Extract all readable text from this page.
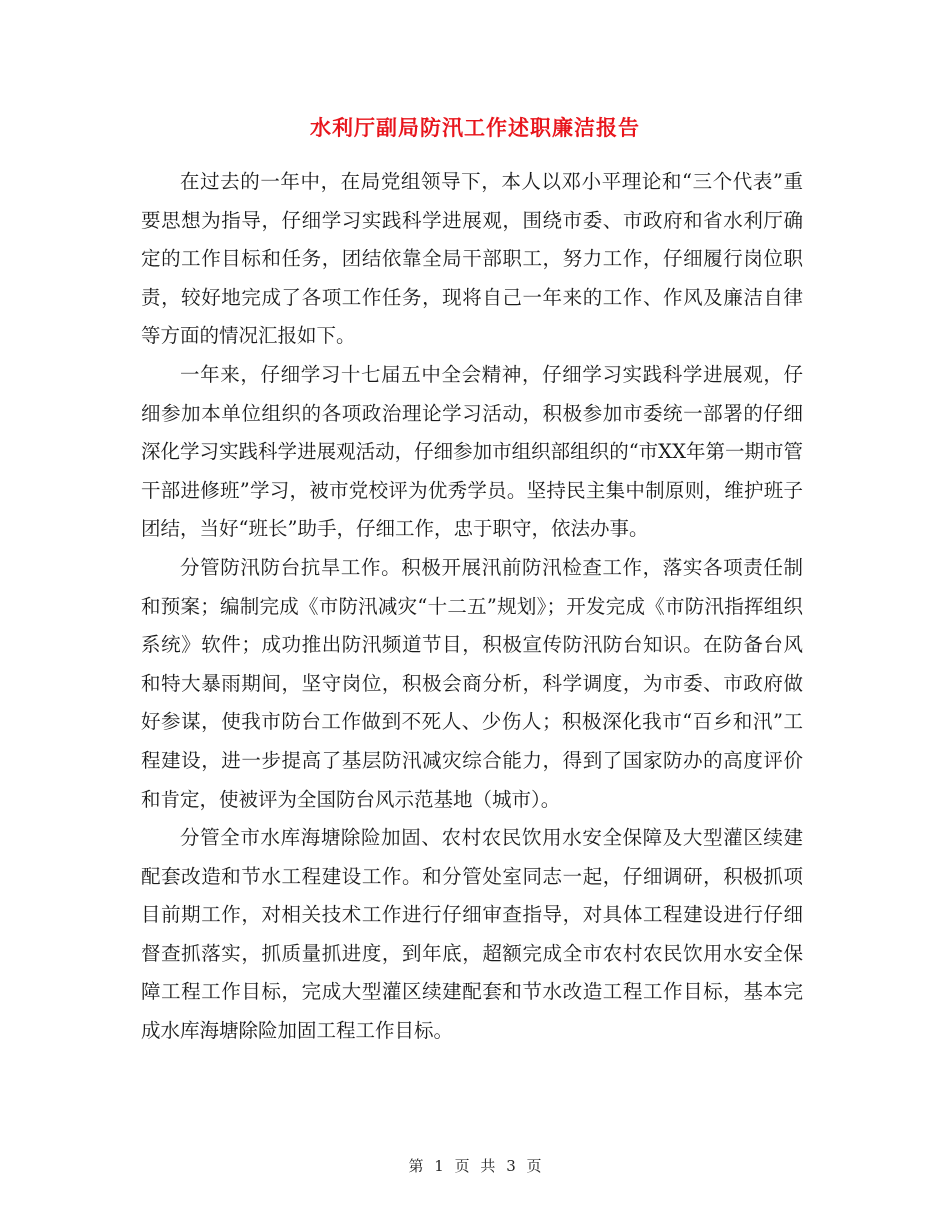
水利厅副局防汛工作述职廉洁报告

在过去的一年中，在局党组领导下，本人以邓小平理论和“三个代表”重要思想为指导，仔细学习实践科学进展观，围绕市委、市政府和省水利厅确定的工作目标和任务，团结依靠全局干部职工，努力工作，仔细履行岗位职责，较好地完成了各项工作任务，现将自己一年来的工作、作风及廉洁自律等方面的情况汇报如下。

一年来，仔细学习十七届五中全会精神，仔细学习实践科学进展观，仔细参加本单位组织的各项政治理论学习活动，积极参加市委统一部署的仔细深化学习实践科学进展观活动，仔细参加市组织部组织的“市XX年第一期市管干部进修班”学习，被市党校评为优秀学员。坚持民主集中制原则，维护班子团结，当好“班长”助手，仔细工作，忠于职守，依法办事。

分管防汛防台抗旱工作。积极开展汛前防汛检查工作，落实各项责任制和预案；编制完成《市防汛减灾“十二五”规划》；开发完成《市防汛指挥组织系统》软件；成功推出防汛频道节目，积极宣传防汛防台知识。在防备台风和特大暴雨期间，坚守岗位，积极会商分析，科学调度，为市委、市政府做好参谋，使我市防台工作做到不死人、少伤人；积极深化我市“百乡和汛”工程建设，进一步提高了基层防汛减灾综合能力，得到了国家防办的高度评价和肯定，使被评为全国防台风示范基地（城市）。

分管全市水库海塘除险加固、农村农民饮用水安全保障及大型灌区续建配套改造和节水工程建设工作。和分管处室同志一起，仔细调研，积极抓项目前期工作，对相关技术工作进行仔细审查指导，对具体工程建设进行仔细督查抓落实，抓质量抓进度，到年底，超额完成全市农村农民饮用水安全保障工程工作目标，完成大型灌区续建配套和节水改造工程工作目标，基本完成水库海塘除险加固工程工作目标。

第 1 页 共 3 页
